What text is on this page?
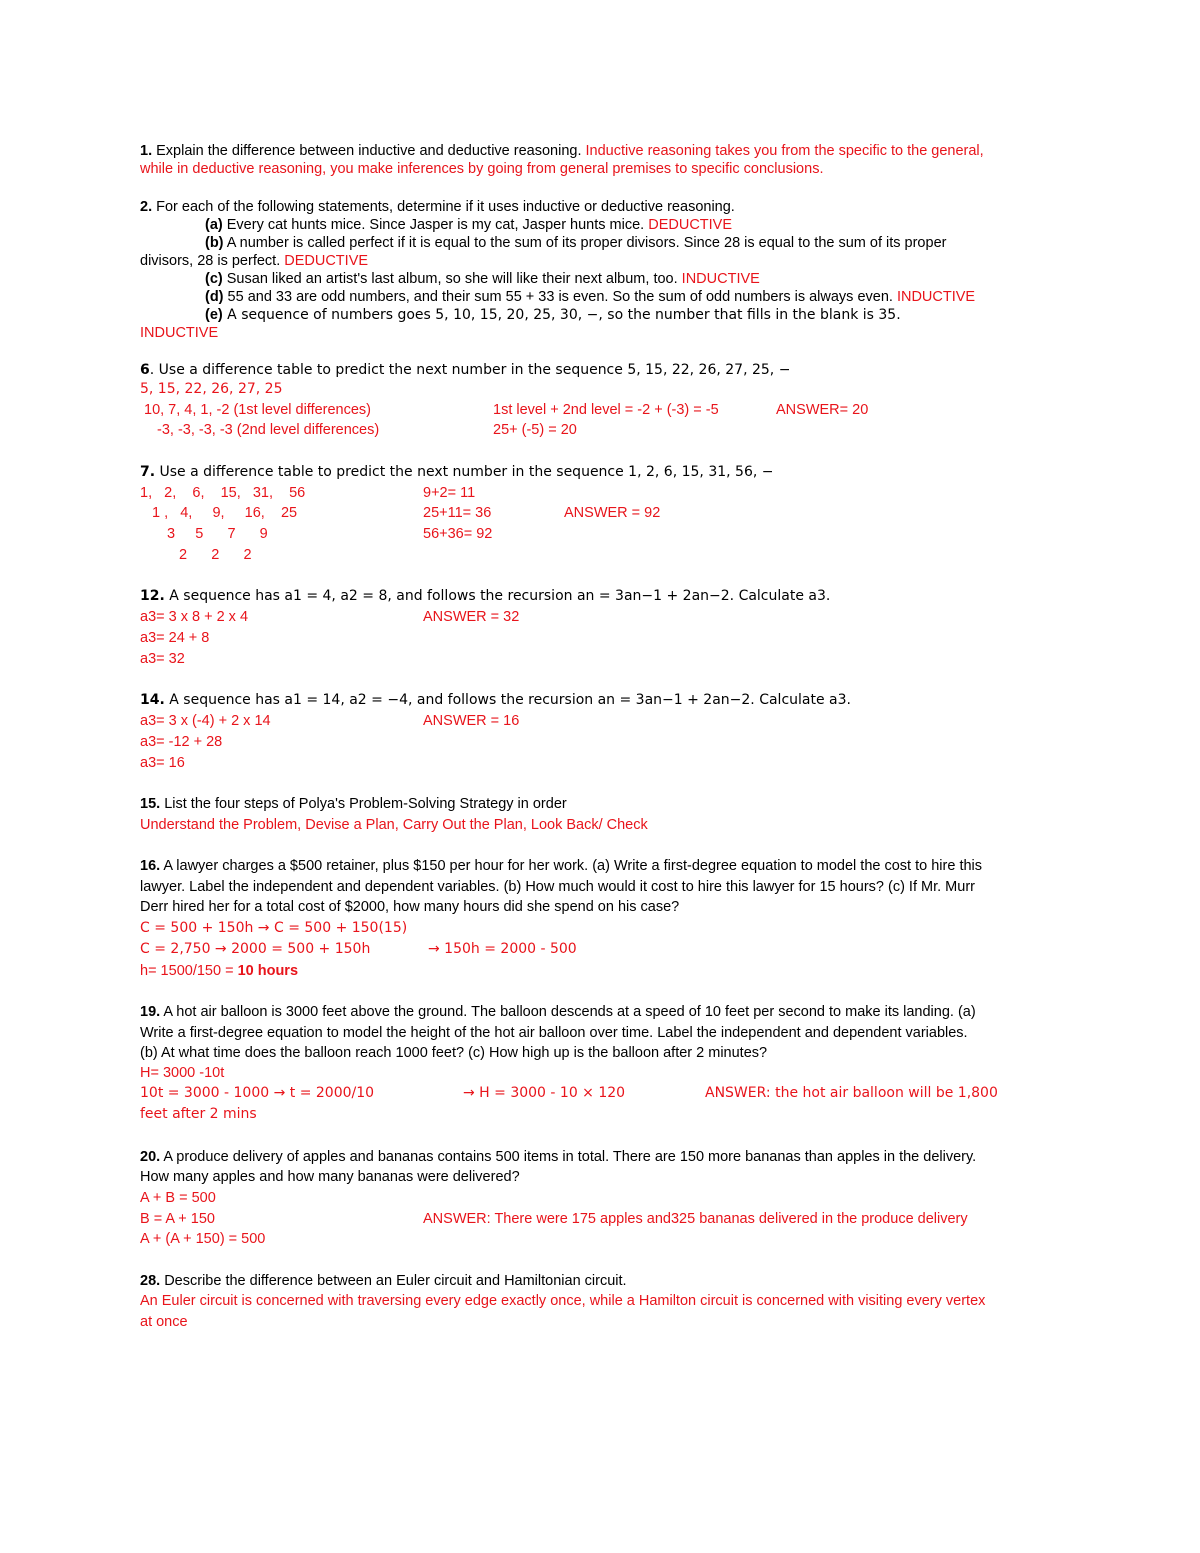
1. Explain the difference between inductive and deductive reasoning. Inductive reasoning takes you from the specific to the general,
while in deductive reasoning, you make inferences by going from general premises to specific conclusions.
2. For each of the following statements, determine if it uses inductive or deductive reasoning.
(a) Every cat hunts mice. Since Jasper is my cat, Jasper hunts mice. DEDUCTIVE
(b) A number is called perfect if it is equal to the sum of its proper divisors. Since 28 is equal to the sum of its proper
divisors, 28 is perfect. DEDUCTIVE
(c) Susan liked an artist's last album, so she will like their next album, too. INDUCTIVE
(d) 55 and 33 are odd numbers, and their sum 55 + 33 is even. So the sum of odd numbers is always even. INDUCTIVE
(e) A sequence of numbers goes 5, 10, 15, 20, 25, 30, −, so the number that fills in the blank is 35.
INDUCTIVE
6. Use a difference table to predict the next number in the sequence 5, 15, 22, 26, 27, 25, −
5, 15, 22, 26, 27, 25
10, 7, 4, 1, -2 (1st level differences)	1st level + 2nd level = -2 + (-3) = -5	ANSWER= 20
-3, -3, -3, -3 (2nd level differences)	25+ (-5) = 20
7. Use a difference table to predict the next number in the sequence 1, 2, 6, 15, 31, 56, −
1,   2,    6,    15,   31,    56	9+2= 11
1 ,   4,     9,     16,    25	25+11= 36	ANSWER = 92
3     5      7      9	56+36= 92
2      2      2
12. A sequence has a1 = 4, a2 = 8, and follows the recursion an = 3an−1 + 2an−2. Calculate a3.
a3= 3 x 8 + 2 x 4	ANSWER = 32
a3= 24 + 8
a3= 32
14. A sequence has a1 = 14, a2 = −4, and follows the recursion an = 3an−1 + 2an−2. Calculate a3.
a3= 3 x (-4) + 2 x 14	ANSWER = 16
a3= -12 + 28
a3= 16
15. List the four steps of Polya's Problem-Solving Strategy in order
Understand the Problem, Devise a Plan, Carry Out the Plan, Look Back/ Check
16. A lawyer charges a $500 retainer, plus $150 per hour for her work. (a) Write a first-degree equation to model the cost to hire this
lawyer. Label the independent and dependent variables. (b) How much would it cost to hire this lawyer for 15 hours? (c) If Mr. Murr
Derr hired her for a total cost of $2000, how many hours did she spend on his case?
C = 500 + 150h → C = 500 + 150(15)
C = 2,750 → 2000 = 500 + 150h	→ 150h = 2000 - 500
h= 1500/150 = 10 hours
19. A hot air balloon is 3000 feet above the ground. The balloon descends at a speed of 10 feet per second to make its landing. (a)
Write a first-degree equation to model the height of the hot air balloon over time. Label the independent and dependent variables.
(b) At what time does the balloon reach 1000 feet? (c) How high up is the balloon after 2 minutes?
H= 3000 -10t
10t = 3000 - 1000 → t = 2000/10	→ H = 3000 - 10 × 120	ANSWER: the hot air balloon will be 1,800
feet after 2 mins
20. A produce delivery of apples and bananas contains 500 items in total. There are 150 more bananas than apples in the delivery.
How many apples and how many bananas were delivered?
A + B = 500
B = A + 150	ANSWER: There were 175 apples and325 bananas delivered in the produce delivery
A + (A + 150) = 500
28. Describe the difference between an Euler circuit and Hamiltonian circuit.
An Euler circuit is concerned with traversing every edge exactly once, while a Hamilton circuit is concerned with visiting every vertex
at once
